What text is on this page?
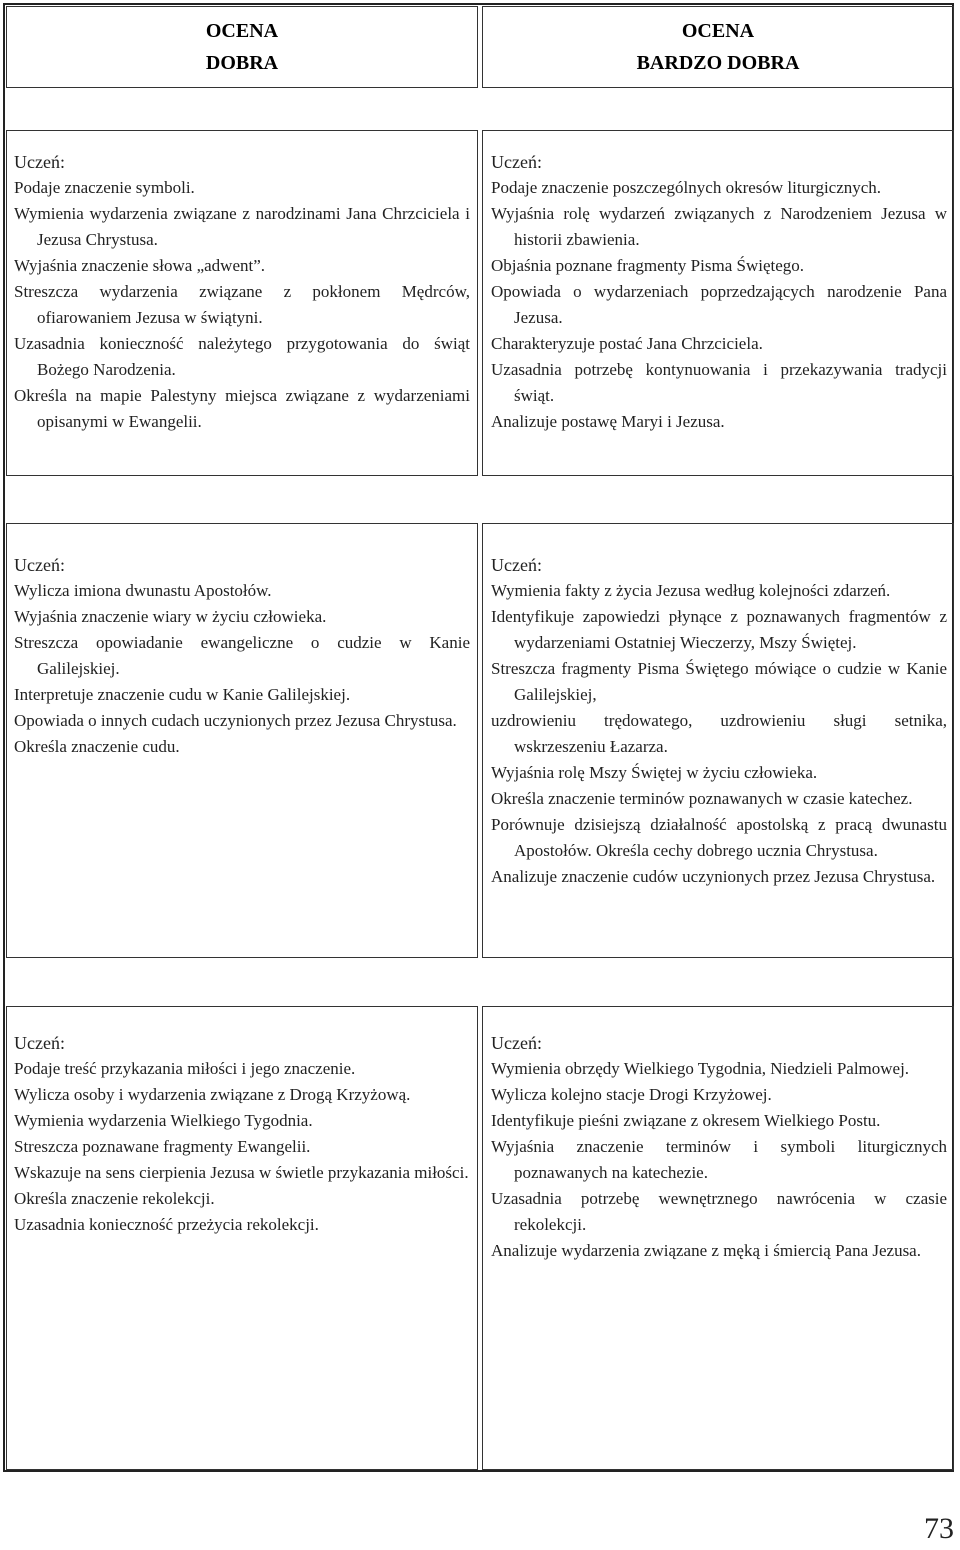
OCENA
DOBRA
OCENA
BARDZO DOBRA
Uczeń:
Podaje znaczenie symboli.
Wymienia wydarzenia związane z narodzinami Jana Chrzciciela i Jezusa Chrystusa.
Wyjaśnia znaczenie słowa „adwent”.
Streszcza wydarzenia związane z pokłonem Mędrców, ofiarowaniem Jezusa w świątyni.
Uzasadnia konieczność należytego przygotowania do świąt Bożego Narodzenia.
Określa na mapie Palestyny miejsca związane z wydarzeniami opisanymi w Ewangelii.
Uczeń:
Podaje znaczenie poszczególnych okresów liturgicznych.
Wyjaśnia rolę wydarzeń związanych z Narodzeniem Jezusa w historii zbawienia.
Objaśnia poznane fragmenty Pisma Świętego.
Opowiada o wydarzeniach poprzedzających narodzenie Pana Jezusa.
Charakteryzuje postać Jana Chrzciciela.
Uzasadnia potrzebę kontynuowania i przekazywania tradycji świąt.
Analizuje postawę Maryi i Jezusa.
Uczeń:
Wylicza imiona dwunastu Apostołów.
Wyjaśnia znaczenie wiary w życiu człowieka.
Streszcza opowiadanie ewangeliczne o cudzie w Kanie Galilejskiej.
Interpretuje znaczenie cudu w Kanie Galilejskiej.
Opowiada o innych cudach uczynionych przez Jezusa Chrystusa.
Określa znaczenie cudu.
Uczeń:
Wymienia fakty z życia Jezusa według kolejności zdarzeń.
Identyfikuje zapowiedzi płynące z poznawanych fragmentów z wydarzeniami Ostatniej Wieczerzy, Mszy Świętej.
Streszcza fragmenty Pisma Świętego mówiące o cudzie w Kanie Galilejskiej,
uzdrowieniu trędowatego, uzdrowieniu sługi setnika, wskrzeszeniu Łazarza.
Wyjaśnia rolę Mszy Świętej w życiu człowieka.
Określa znaczenie terminów poznawanych w czasie katechez.
Porównuje dzisiejszą działalność apostolską z pracą dwunastu Apostołów. Określa cechy dobrego ucznia Chrystusa.
Analizuje znaczenie cudów uczynionych przez Jezusa Chrystusa.
Uczeń:
Podaje treść przykazania miłości i jego znaczenie.
Wylicza osoby i wydarzenia związane z Drogą Krzyżową.
Wymienia wydarzenia Wielkiego Tygodnia.
Streszcza poznawane fragmenty Ewangelii.
Wskazuje na sens cierpienia Jezusa w świetle przykazania miłości.
Określa znaczenie rekolekcji.
Uzasadnia konieczność przeżycia rekolekcji.
Uczeń:
Wymienia obrzędy Wielkiego Tygodnia, Niedzieli Palmowej.
Wylicza kolejno stacje Drogi Krzyżowej.
Identyfikuje pieśni związane z okresem Wielkiego Postu.
Wyjaśnia znaczenie terminów i symboli liturgicznych poznawanych na katechezie.
Uzasadnia potrzebę wewnętrznego nawrócenia w czasie rekolekcji.
Analizuje wydarzenia związane z męką i śmiercią Pana Jezusa.
73
